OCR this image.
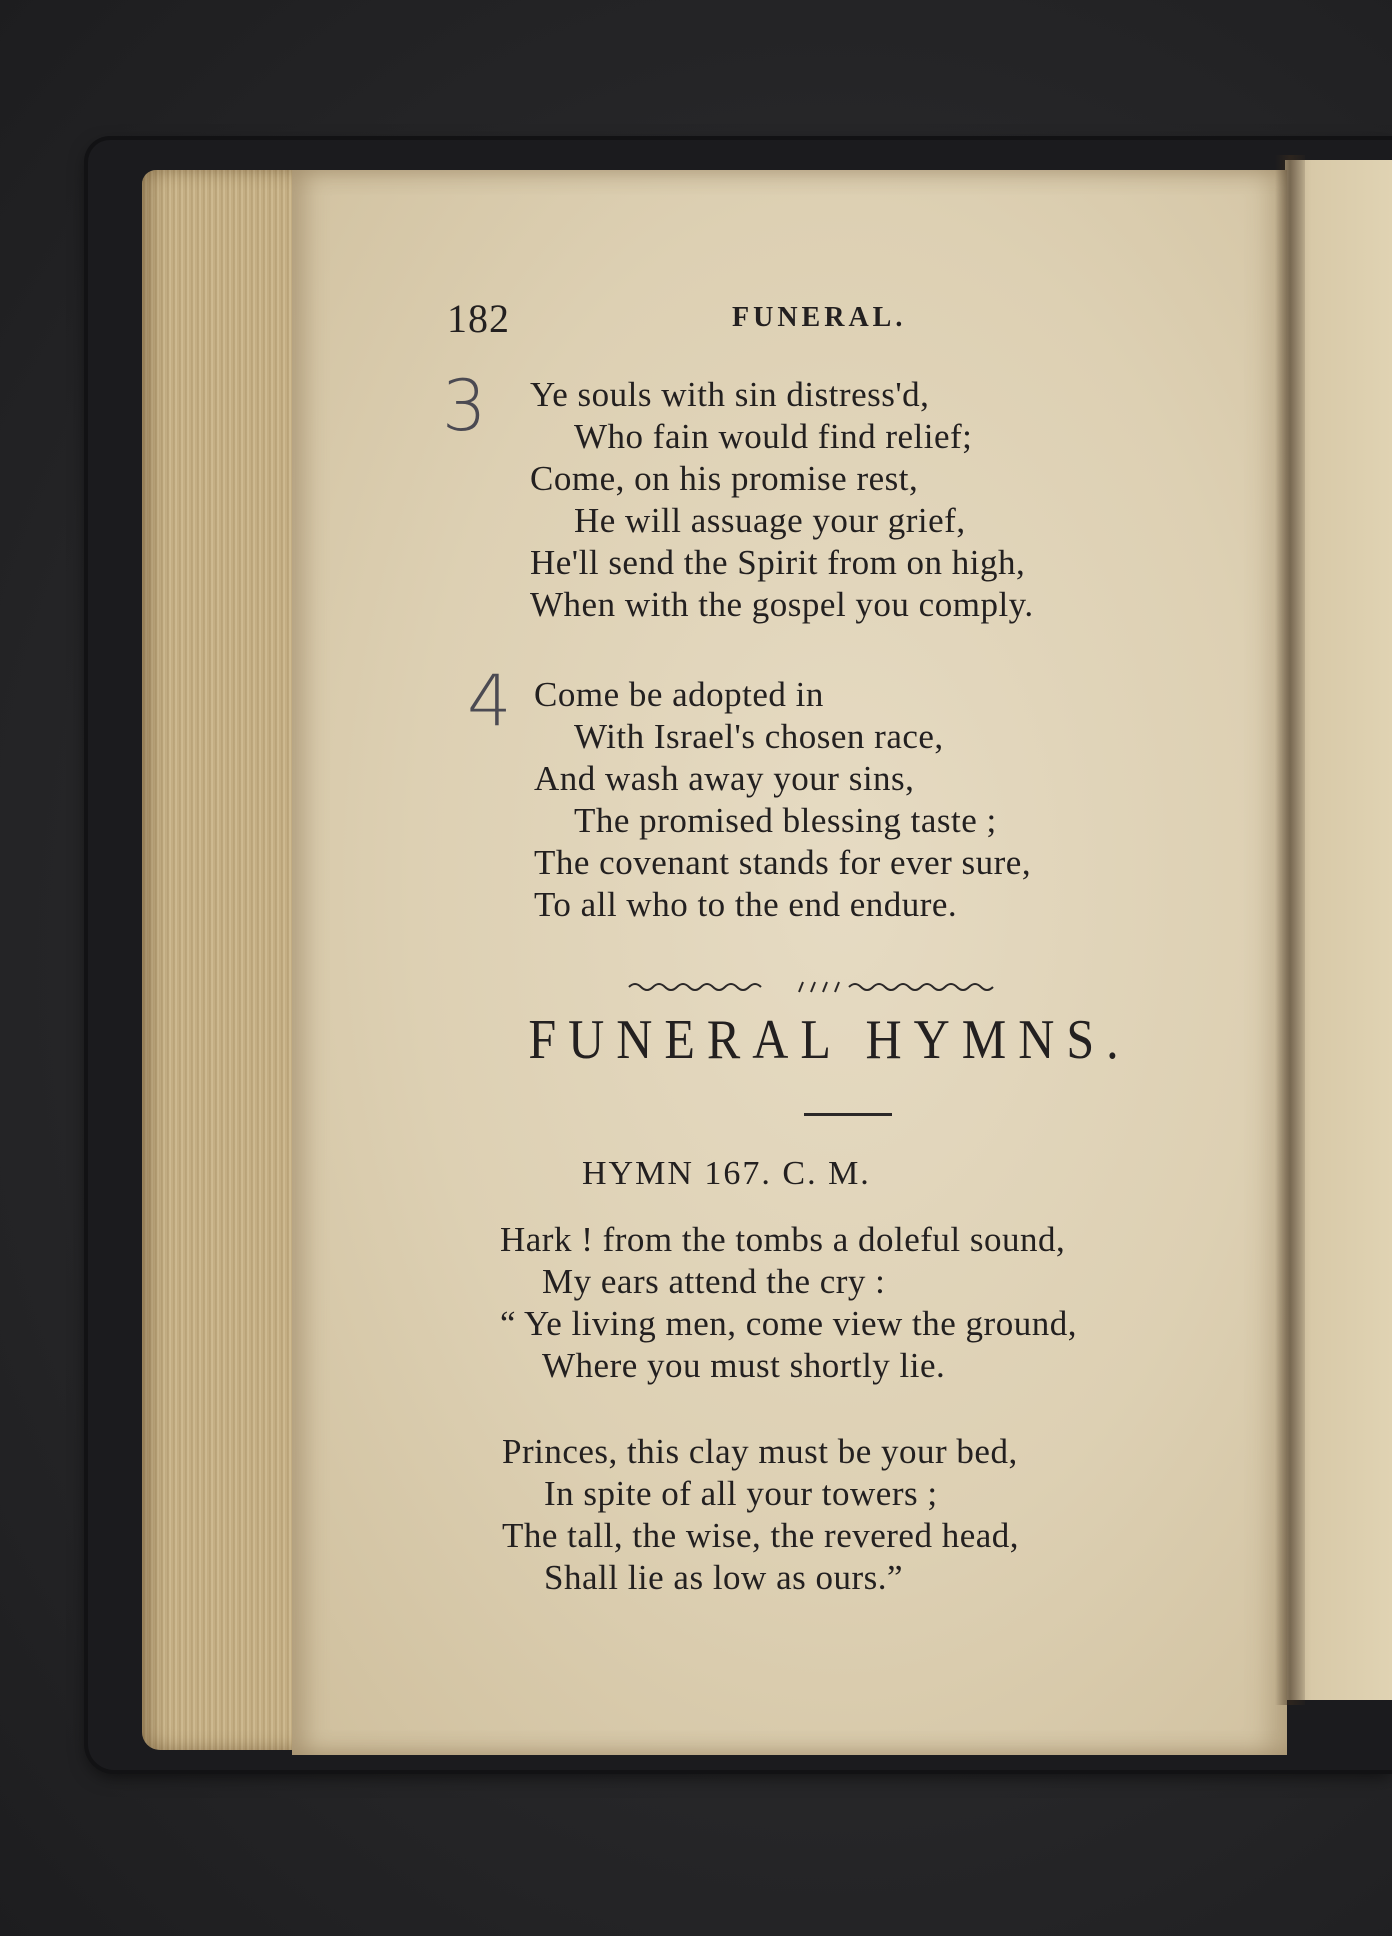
182	FUNERAL.
3 Ye souls with sin distress'd,
Who fain would find relief;
Come, on his promise rest,
He will assuage your grief,
He'll send the Spirit from on high,
When with the gospel you comply.
4 Come be adopted in
With Israel's chosen race,
And wash away your sins,
The promised blessing taste ;
The covenant stands for ever sure,
To all who to the end endure.
FUNERAL HYMNS.
HYMN 167. C. M.
Hark ! from the tombs a doleful sound,
My ears attend the cry :
“ Ye living men, come view the ground,
Where you must shortly lie.
Princes, this clay must be your bed,
In spite of all your towers ;
The tall, the wise, the revered head,
Shall lie as low as ours.”
